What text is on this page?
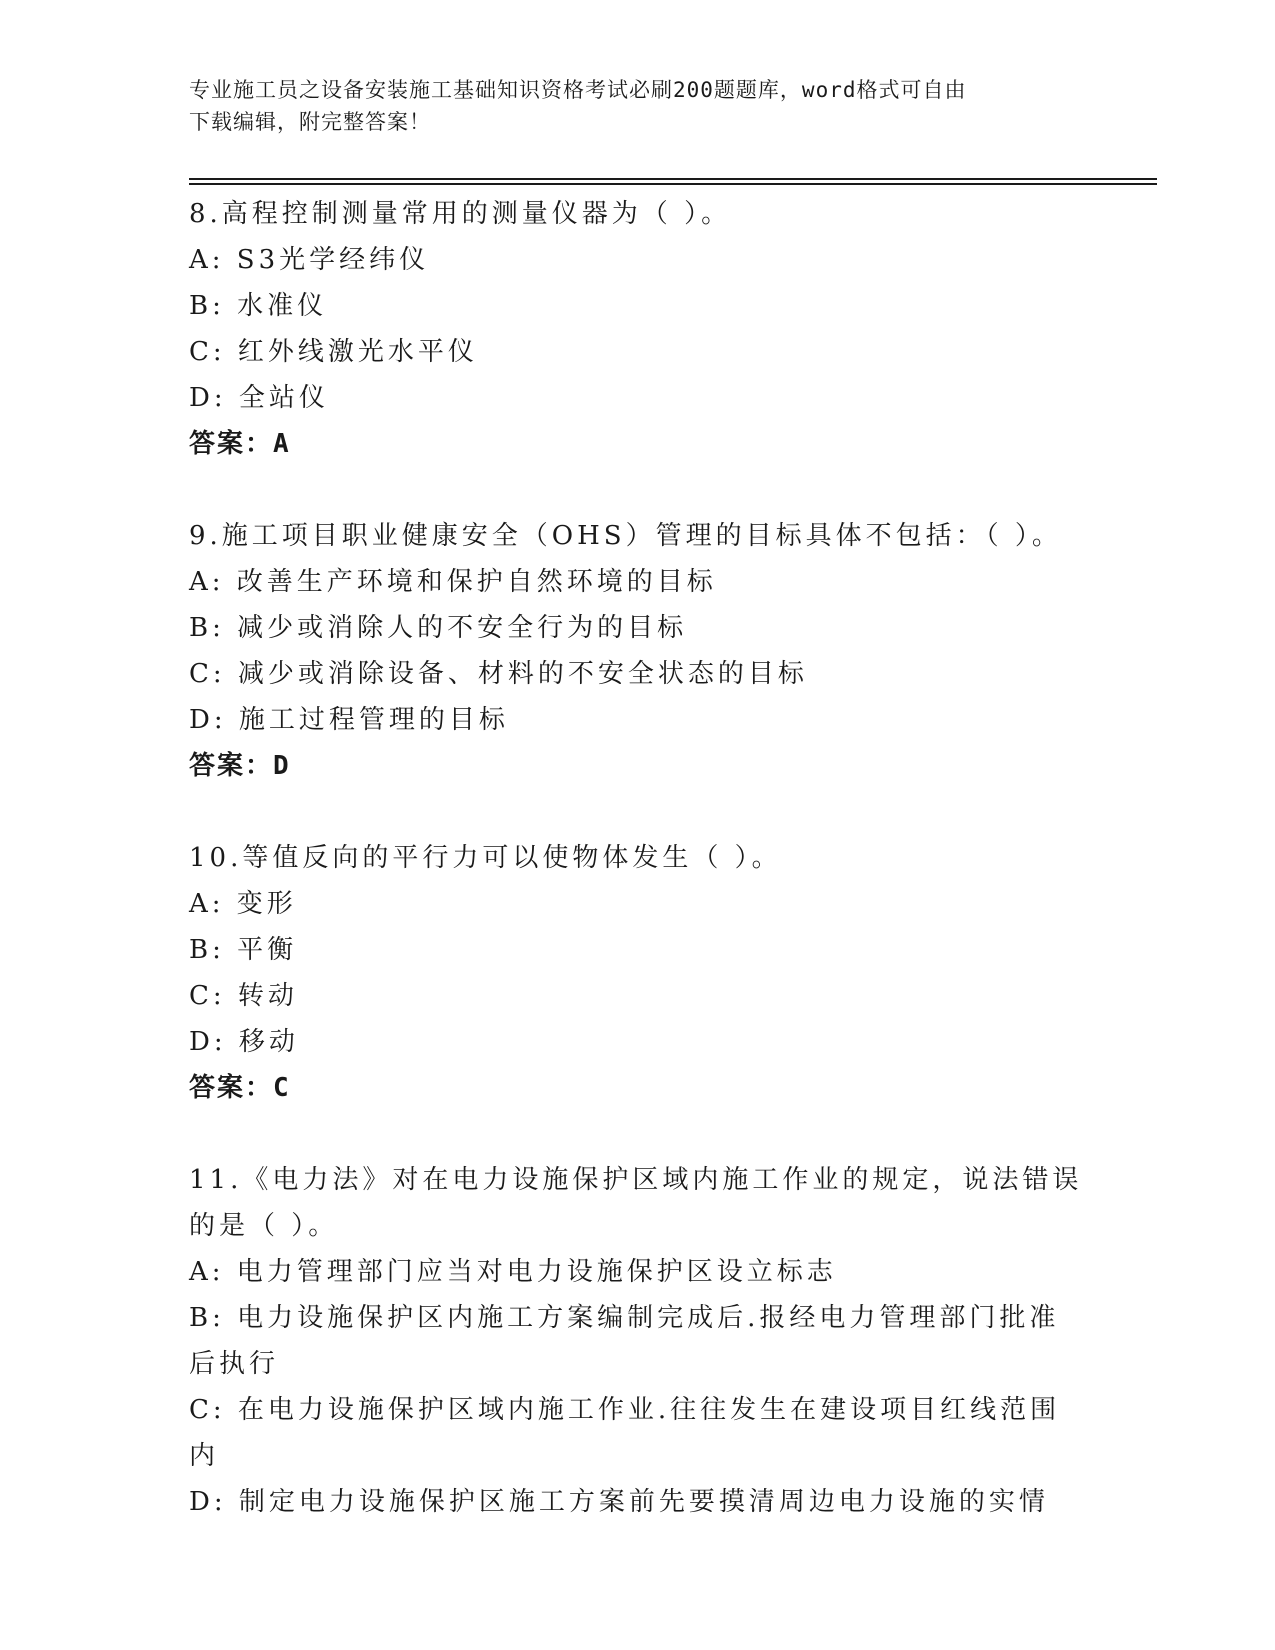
专业施工员之设备安装施工基础知识资格考试必刷200题题库，word格式可自由
下载编辑，附完整答案！

8.高程控制测量常用的测量仪器为（ ）。

A: S3光学经纬仪

B: 水准仪

C: 红外线激光水平仪

D: 全站仪

答案：A

9.施工项目职业健康安全（OHS）管理的目标具体不包括：（ ）。

A: 改善生产环境和保护自然环境的目标

B: 减少或消除人的不安全行为的目标

C: 减少或消除设备、材料的不安全状态的目标

D: 施工过程管理的目标

答案：D

10.等值反向的平行力可以使物体发生（ ）。

A: 变形

B: 平衡

C: 转动

D: 移动

答案：C

11.《电力法》对在电力设施保护区域内施工作业的规定，说法错误的是（ ）。

A: 电力管理部门应当对电力设施保护区设立标志

B: 电力设施保护区内施工方案编制完成后.报经电力管理部门批准后执行

C: 在电力设施保护区域内施工作业.往往发生在建设项目红线范围内

D: 制定电力设施保护区施工方案前先要摸清周边电力设施的实情
